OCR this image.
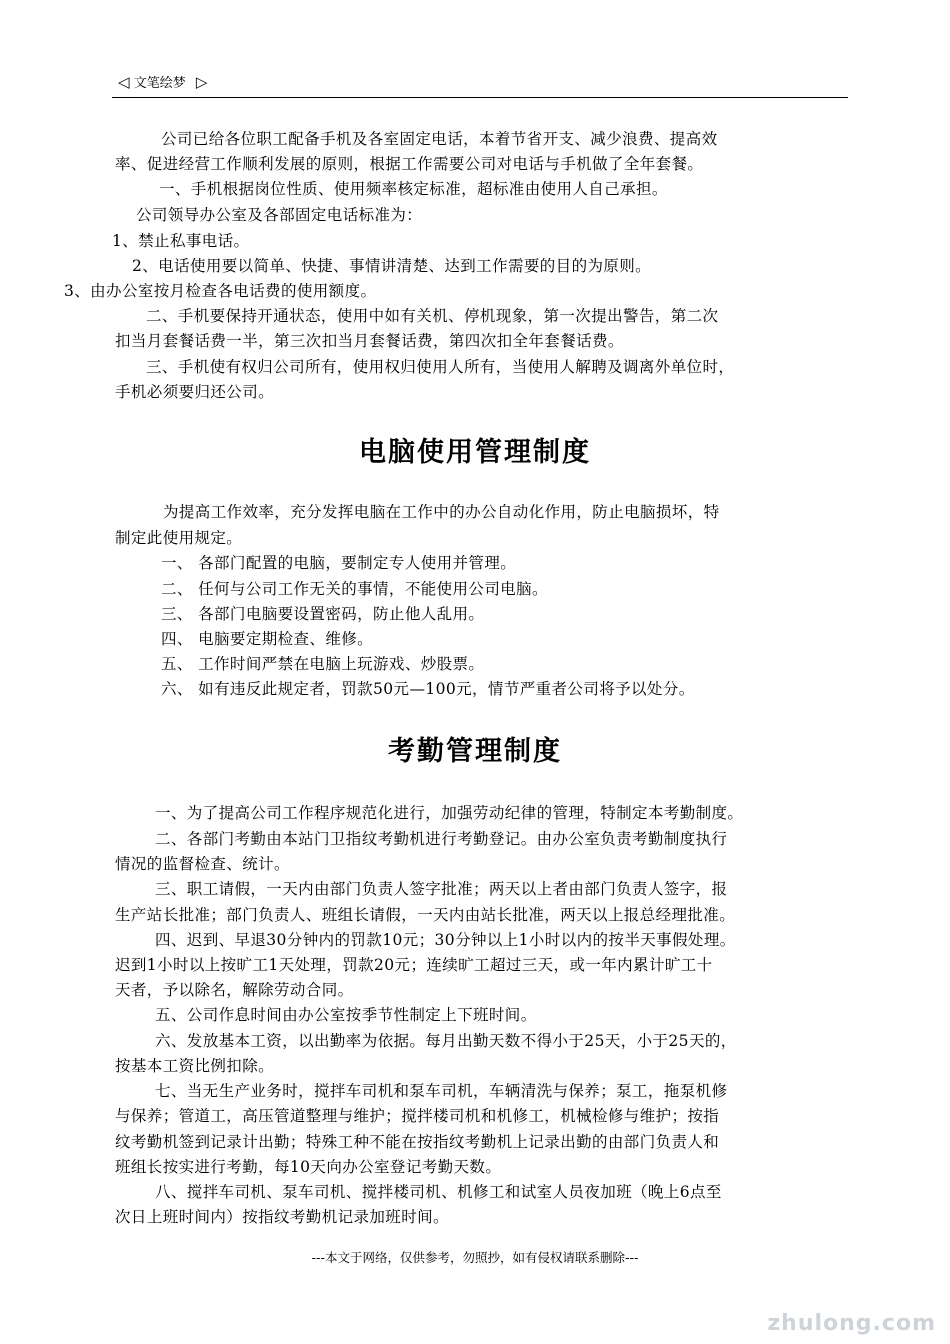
◁ 文笔绘梦 ▷
公司已给各位职工配备手机及各室固定电话，本着节省开支、减少浪费、提高效
率、促进经营工作顺利发展的原则，根据工作需要公司对电话与手机做了全年套餐。
一、手机根据岗位性质、使用频率核定标准，超标准由使用人自己承担。
公司领导办公室及各部固定电话标准为：
1、禁止私事电话。
2、电话使用要以简单、快捷、事情讲清楚、达到工作需要的目的为原则。
3、由办公室按月检查各电话费的使用额度。
二、手机要保持开通状态，使用中如有关机、停机现象，第一次提出警告，第二次
扣当月套餐话费一半，第三次扣当月套餐话费，第四次扣全年套餐话费。
三、手机使有权归公司所有，使用权归使用人所有，当使用人解聘及调离外单位时，
手机必须要归还公司。
电脑使用管理制度
为提高工作效率，充分发挥电脑在工作中的办公自动化作用，防止电脑损坏，特
制定此使用规定。
一、 各部门配置的电脑，要制定专人使用并管理。
二、 任何与公司工作无关的事情，不能使用公司电脑。
三、 各部门电脑要设置密码，防止他人乱用。
四、 电脑要定期检查、维修。
五、 工作时间严禁在电脑上玩游戏、炒股票。
六、 如有违反此规定者，罚款50元—100元，情节严重者公司将予以处分。
考勤管理制度
一、为了提高公司工作程序规范化进行，加强劳动纪律的管理，特制定本考勤制度。
二、各部门考勤由本站门卫指纹考勤机进行考勤登记。由办公室负责考勤制度执行
情况的监督检查、统计。
三、职工请假，一天内由部门负责人签字批准；两天以上者由部门负责人签字，报
生产站长批准；部门负责人、班组长请假，一天内由站长批准，两天以上报总经理批准。
四、迟到、早退30分钟内的罚款10元；30分钟以上1小时以内的按半天事假处理。
迟到1小时以上按旷工1天处理，罚款20元；连续旷工超过三天，或一年内累计旷工十
天者，予以除名，解除劳动合同。
五、公司作息时间由办公室按季节性制定上下班时间。
六、发放基本工资，以出勤率为依据。每月出勤天数不得小于25天，小于25天的，
按基本工资比例扣除。
七、当无生产业务时，搅拌车司机和泵车司机，车辆清洗与保养；泵工，拖泵机修
与保养；管道工，高压管道整理与维护；搅拌楼司机和机修工，机械检修与维护；按指
纹考勤机签到记录计出勤；特殊工种不能在按指纹考勤机上记录出勤的由部门负责人和
班组长按实进行考勤，每10天向办公室登记考勤天数。
八、搅拌车司机、泵车司机、搅拌楼司机、机修工和试室人员夜加班（晚上6点至
次日上班时间内）按指纹考勤机记录加班时间。
---本文于网络，仅供参考，勿照抄，如有侵权请联系删除---
zhulong.com
